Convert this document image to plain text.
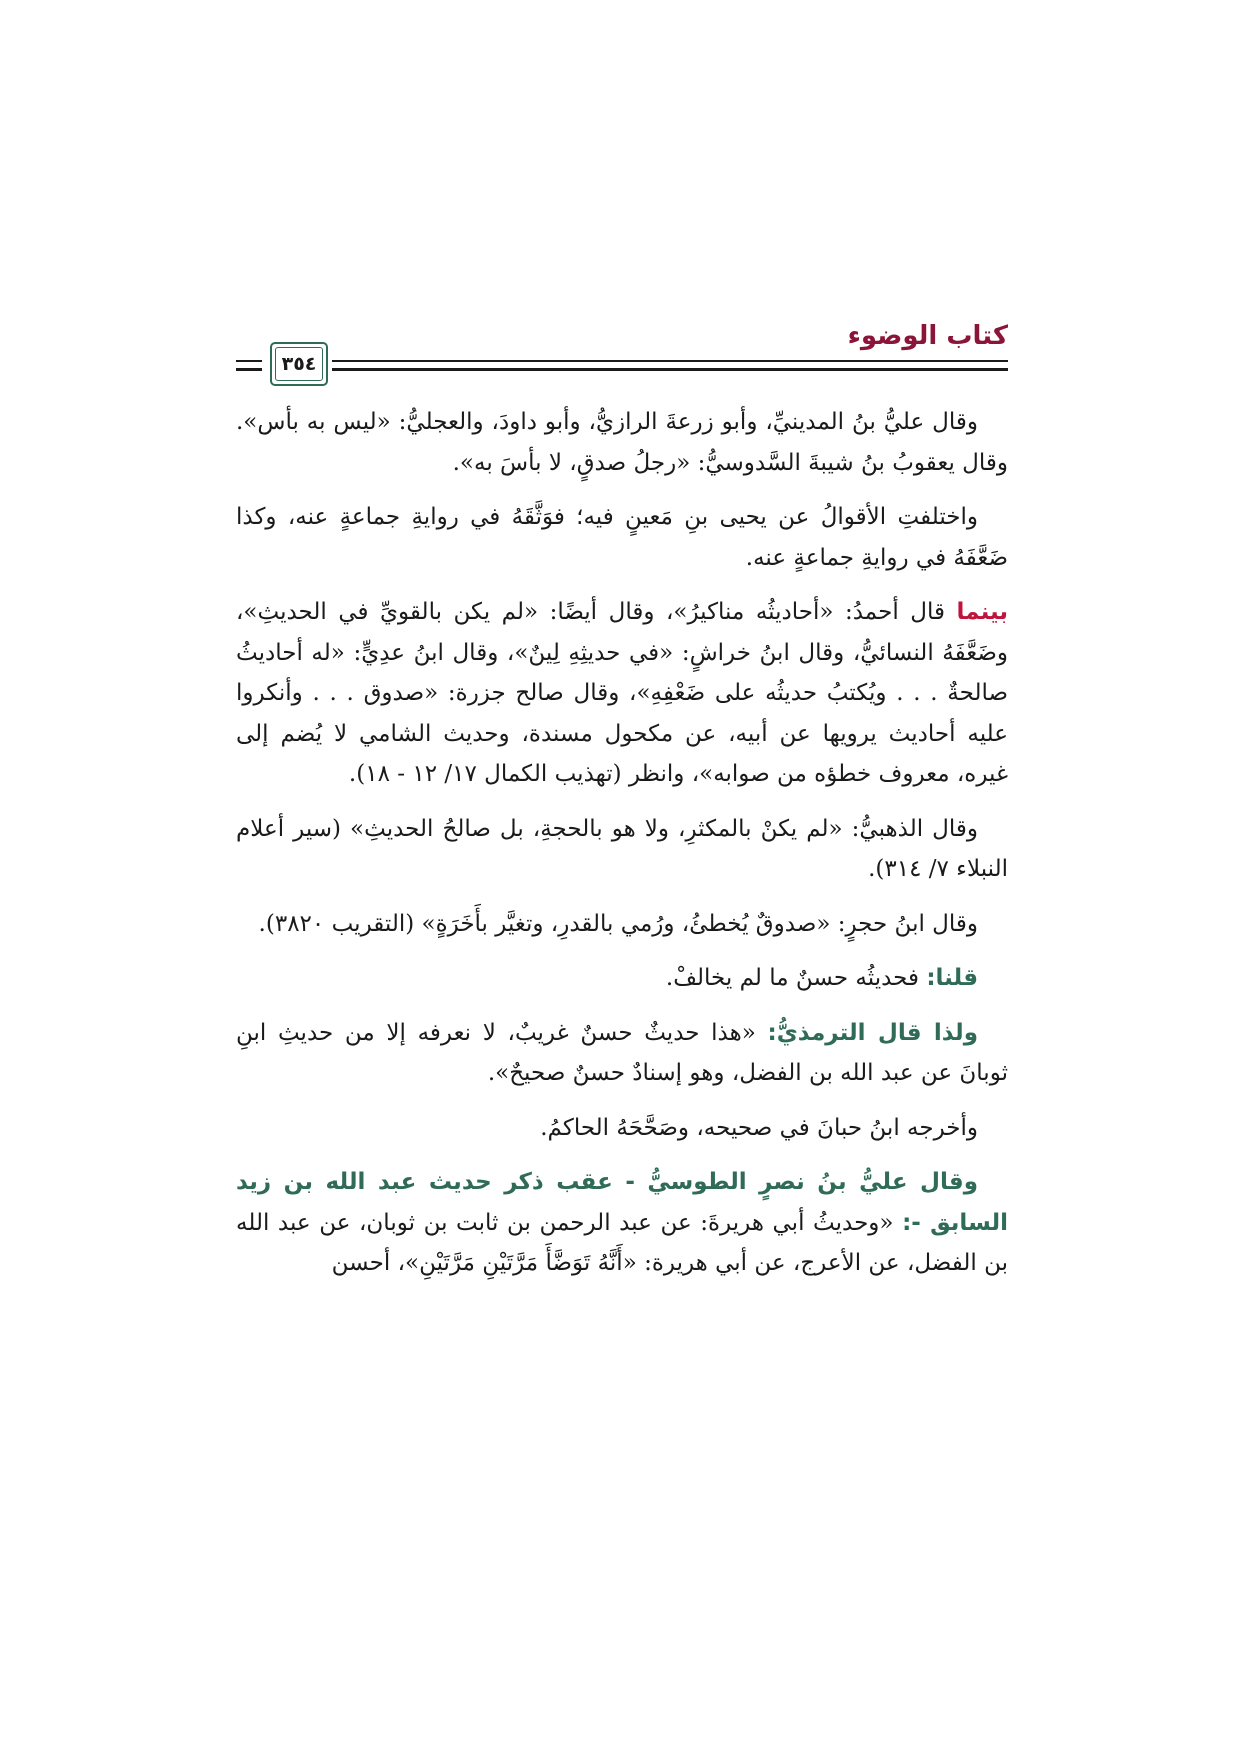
كتاب الوضوء
٣٥٤

وقال عليُّ بنُ المدينيِّ، وأبو زرعةَ الرازيُّ، وأبو داودَ، والعجليُّ: «ليس به بأس». وقال يعقوبُ بنُ شيبةَ السَّدوسيُّ: «رجلُ صدقٍ، لا بأسَ به».

واختلفتِ الأقوالُ عن يحيى بنِ مَعينٍ فيه؛ فوَثَّقَهُ في روايةِ جماعةٍ عنه، وكذا ضَعَّفَهُ في روايةِ جماعةٍ عنه.

بينما قال أحمدُ: «أحاديثُه مناكيرُ»، وقال أيضًا: «لم يكن بالقويِّ في الحديثِ»، وضَعَّفَهُ النسائيُّ، وقال ابنُ خراشٍ: «في حديثِهِ لِينٌ»، وقال ابنُ عدِيٍّ: «له أحاديثُ صالحةٌ . . . ويُكتبُ حديثُه على ضَعْفِهِ»، وقال صالح جزرة: «صدوق . . . وأنكروا عليه أحاديث يرويها عن أبيه، عن مكحول مسندة، وحديث الشامي لا يُضم إلى غيره، معروف خطؤه من صوابه»، وانظر (تهذيب الكمال ١٧/ ١٢ - ١٨).

وقال الذهبيُّ: «لم يكنْ بالمكثرِ، ولا هو بالحجةِ، بل صالحُ الحديثِ» (سير أعلام النبلاء ٧/ ٣١٤).

وقال ابنُ حجرٍ: «صدوقٌ يُخطئُ، ورُمي بالقدرِ، وتغيَّر بأَخَرَةٍ» (التقريب ٣٨٢٠).

قلنا: فحديثُه حسنٌ ما لم يخالفْ.

ولذا قال الترمذيُّ: «هذا حديثٌ حسنٌ غريبٌ، لا نعرفه إلا من حديثِ ابنِ ثوبانَ عن عبد الله بن الفضل، وهو إسنادٌ حسنٌ صحيحٌ».

وأخرجه ابنُ حبانَ في صحيحه، وصَحَّحَهُ الحاكمُ.

وقال عليُّ بنُ نصرٍ الطوسيُّ - عقب ذكر حديث عبد الله بن زيد السابق -: «وحديثُ أبي هريرةَ: عن عبد الرحمن بن ثابت بن ثوبان، عن عبد الله بن الفضل، عن الأعرج، عن أبي هريرة: «أَنَّهُ تَوَضَّأَ مَرَّتَيْنِ مَرَّتَيْنِ»، أحسن
